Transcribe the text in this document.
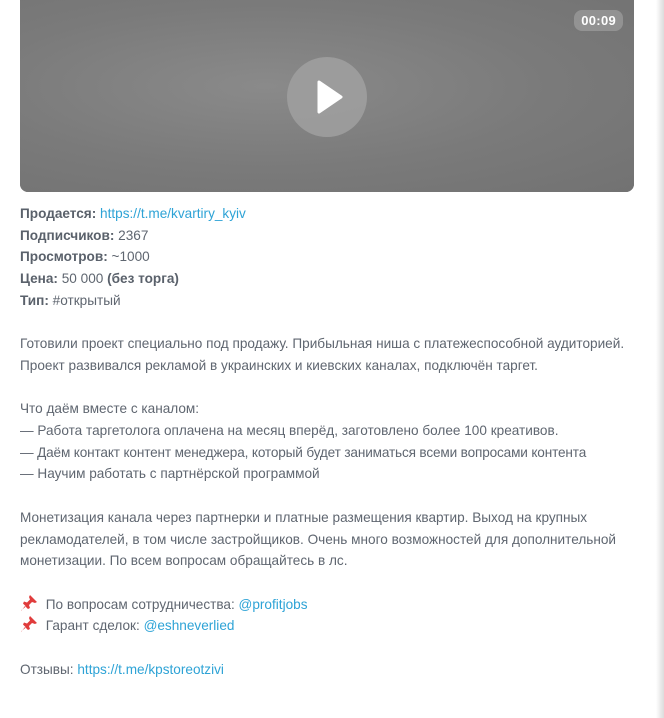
00:09
Продается: https://t.me/kvartiry_kyiv
Подписчиков: 2367
Просмотров: ~1000
Цена: 50 000 (без торга)
Тип: #открытый
Готовили проект специально под продажу. Прибыльная ниша с платежеспособной аудиторией. Проект развивался рекламой в украинских и киевских каналах, подключён таргет.
Что даём вместе с каналом:
— Работа таргетолога оплачена на месяц вперёд, заготовлено более 100 креативов.
— Даём контакт контент менеджера, который будет заниматься всеми вопросами контента
— Научим работать с партнёрской программой
Монетизация канала через партнерки и платные размещения квартир. Выход на крупных рекламодателей, в том числе застройщиков. Очень много возможностей для дополнительной монетизации. По всем вопросам обращайтесь в лс.
По вопросам сотрудничества: @profitjobs
Гарант сделок: @eshneverlied
Отзывы: https://t.me/kpstoreotzivi
